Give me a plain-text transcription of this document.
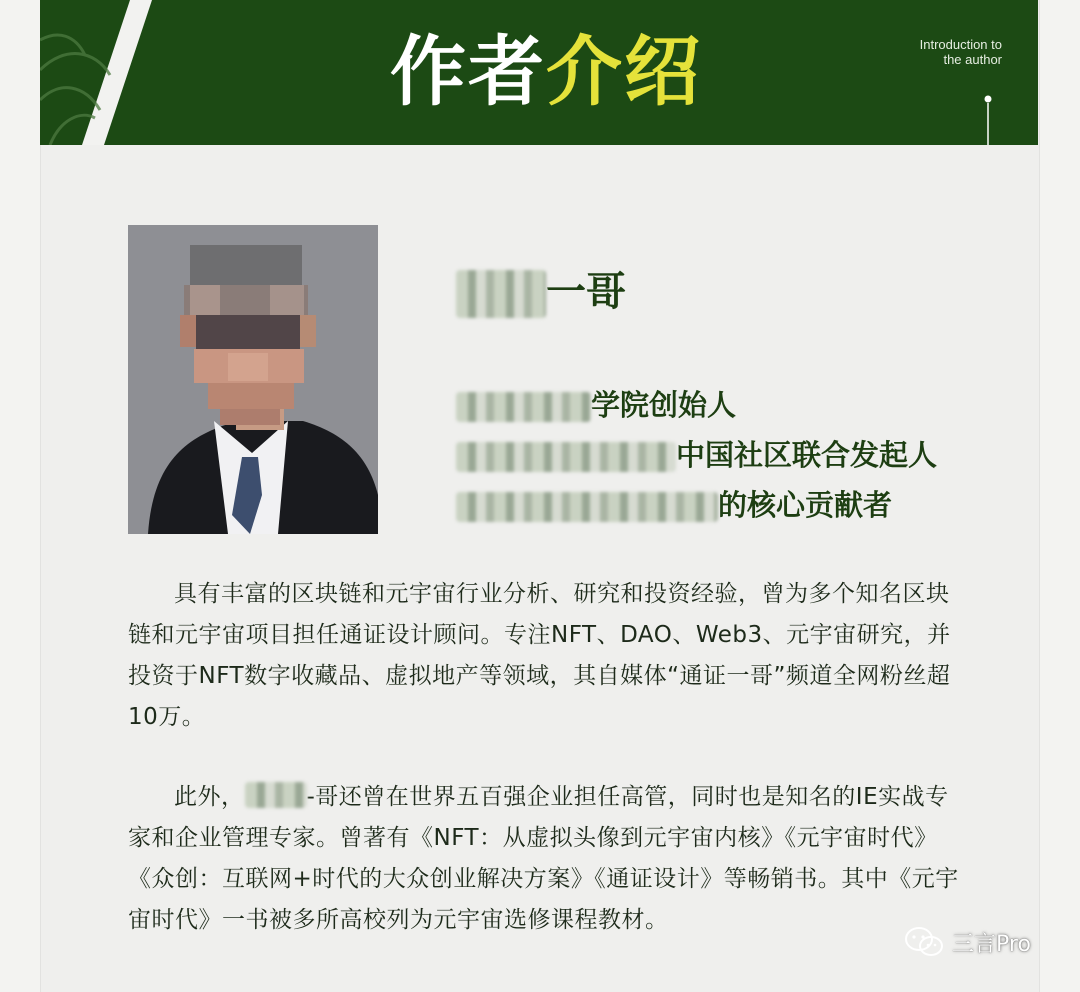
作者介绍	Introduction to
the author
一哥
学院创始人
中国社区联合发起人
的核心贡献者

具有丰富的区块链和元宇宙行业分析、研究和投资经验，曾为多个知名区块链和元宇宙项目担任通证设计顾问。专注NFT、DAO、Web3、元宇宙研究，并投资于NFT数字收藏品、虚拟地产等领域，其自媒体“通证一哥”频道全网粉丝超10万。

此外，	-哥还曾在世界五百强企业担任高管，同时也是知名的IE实战专家和企业管理专家。曾著有《NFT：从虚拟头像到元宇宙内核》《元宇宙时代》《众创：互联网+时代的大众创业解决方案》《通证设计》等畅销书。其中《元宇宙时代》一书被多所高校列为元宇宙选修课程教材。

三言Pro
